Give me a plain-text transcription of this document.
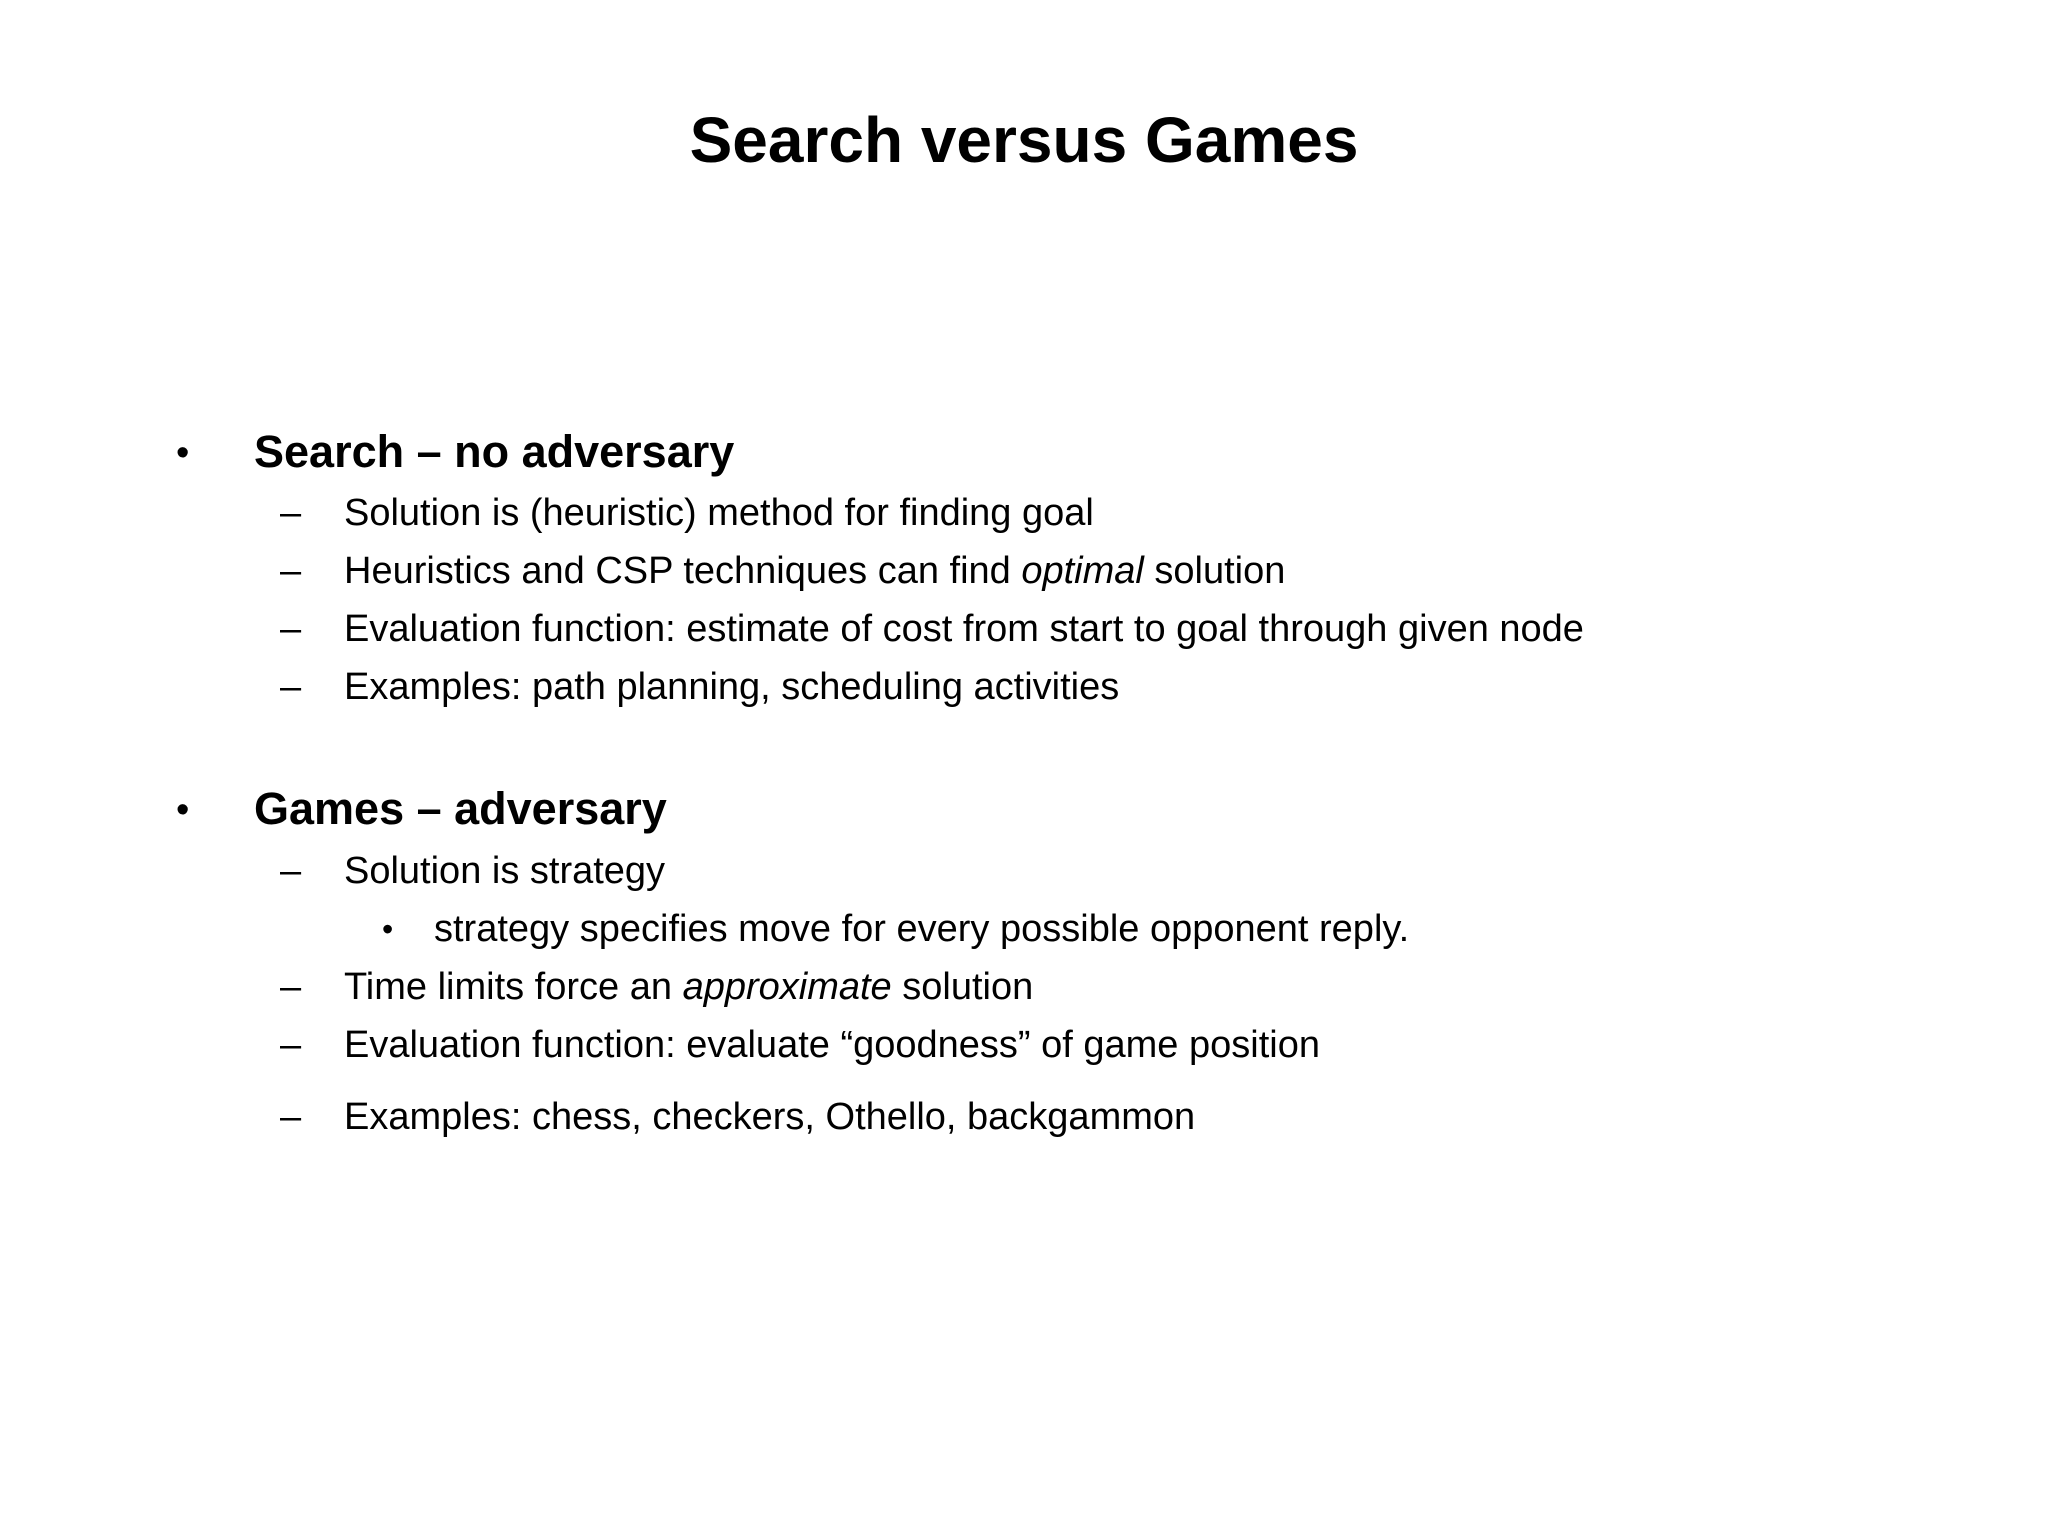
Search versus Games
• Search – no adversary
– Solution is (heuristic) method for finding goal
– Heuristics and CSP techniques can find optimal solution
– Evaluation function: estimate of cost from start to goal through given node
– Examples: path planning, scheduling activities
• Games – adversary
– Solution is strategy
• strategy specifies move for every possible opponent reply.
– Time limits force an approximate solution
– Evaluation function: evaluate “goodness” of game position
– Examples: chess, checkers, Othello, backgammon
